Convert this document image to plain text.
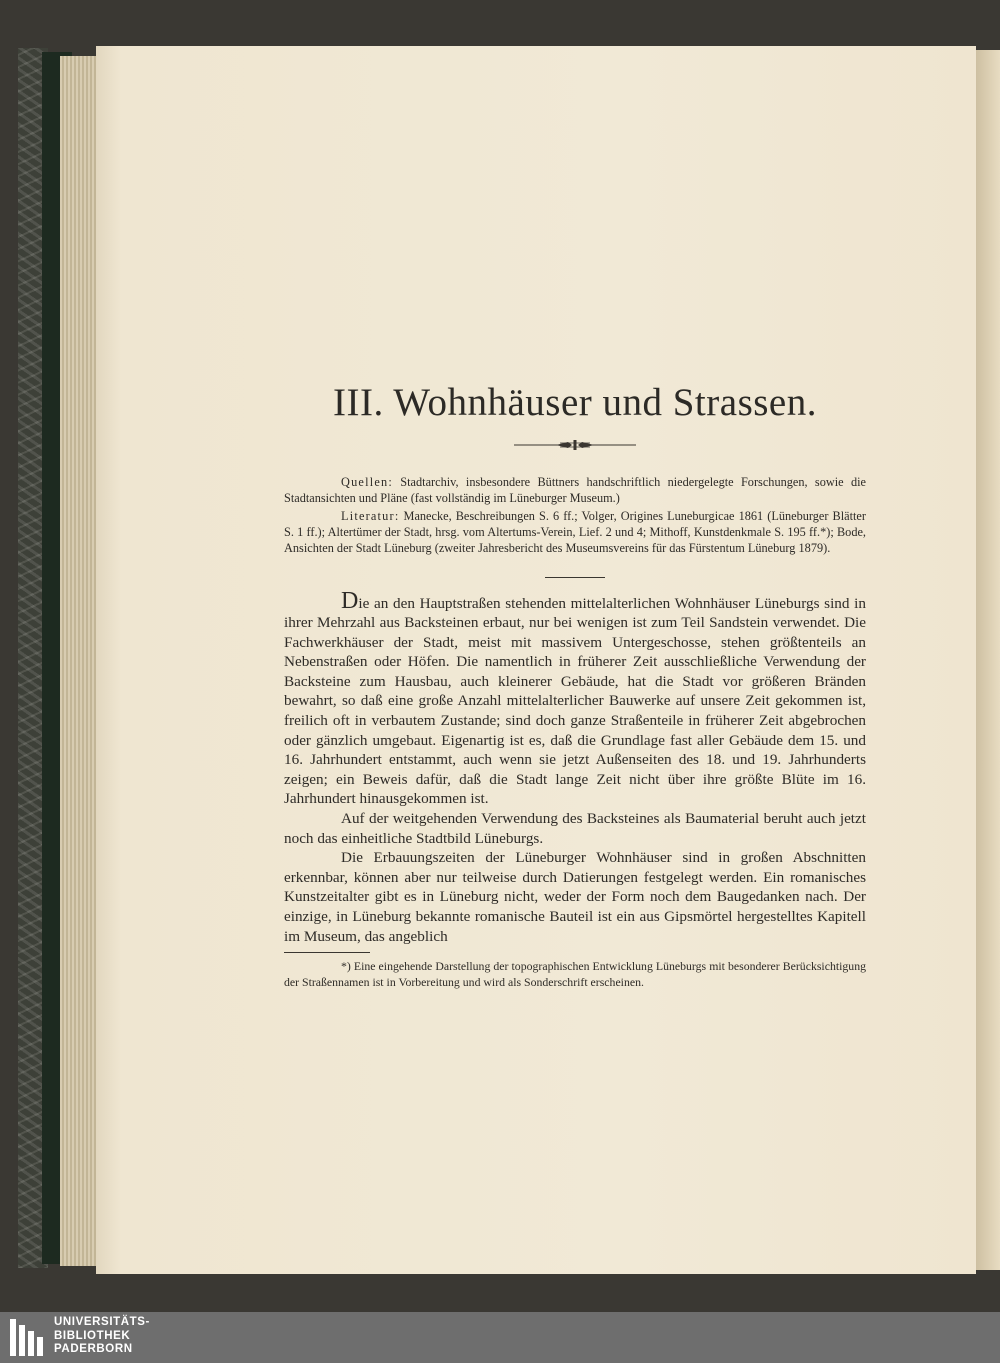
III. Wohnhäuser und Strassen.

Quellen: Stadtarchiv, insbesondere Büttners handschriftlich niedergelegte Forschungen, sowie die Stadtansichten und Pläne (fast vollständig im Lüneburger Museum.)

Literatur: Manecke, Beschreibungen S. 6 ff.; Volger, Origines Luneburgicae 1861 (Lüneburger Blätter S. 1 ff.); Altertümer der Stadt, hrsg. vom Altertums-Verein, Lief. 2 und 4; Mithoff, Kunstdenkmale S. 195 ff.*); Bode, Ansichten der Stadt Lüneburg (zweiter Jahresbericht des Museumsvereins für das Fürstentum Lüneburg 1879).

Die an den Hauptstraßen stehenden mittelalterlichen Wohnhäuser Lüneburgs sind in ihrer Mehrzahl aus Backsteinen erbaut, nur bei wenigen ist zum Teil Sandstein verwendet. Die Fachwerkhäuser der Stadt, meist mit massivem Untergeschosse, stehen größtenteils an Nebenstraßen oder Höfen. Die namentlich in früherer Zeit ausschließliche Verwendung der Backsteine zum Hausbau, auch kleinerer Gebäude, hat die Stadt vor größeren Bränden bewahrt, so daß eine große Anzahl mittelalterlicher Bauwerke auf unsere Zeit gekommen ist, freilich oft in verbautem Zustande; sind doch ganze Straßenteile in früherer Zeit abgebrochen oder gänzlich umgebaut. Eigenartig ist es, daß die Grundlage fast aller Gebäude dem 15. und 16. Jahrhundert entstammt, auch wenn sie jetzt Außenseiten des 18. und 19. Jahrhunderts zeigen; ein Beweis dafür, daß die Stadt lange Zeit nicht über ihre größte Blüte im 16. Jahrhundert hinausgekommen ist.

Auf der weitgehenden Verwendung des Backsteines als Baumaterial beruht auch jetzt noch das einheitliche Stadtbild Lüneburgs.

Die Erbauungszeiten der Lüneburger Wohnhäuser sind in großen Abschnitten erkennbar, können aber nur teilweise durch Datierungen festgelegt werden. Ein romanisches Kunstzeitalter gibt es in Lüneburg nicht, weder der Form noch dem Baugedanken nach. Der einzige, in Lüneburg bekannte romanische Bauteil ist ein aus Gipsmörtel hergestelltes Kapitell im Museum, das angeblich

*) Eine eingehende Darstellung der topographischen Entwicklung Lüneburgs mit besonderer Berücksichtigung der Straßennamen ist in Vorbereitung und wird als Sonderschrift erscheinen.

UNIVERSITÄTS-
BIBLIOTHEK
PADERBORN
